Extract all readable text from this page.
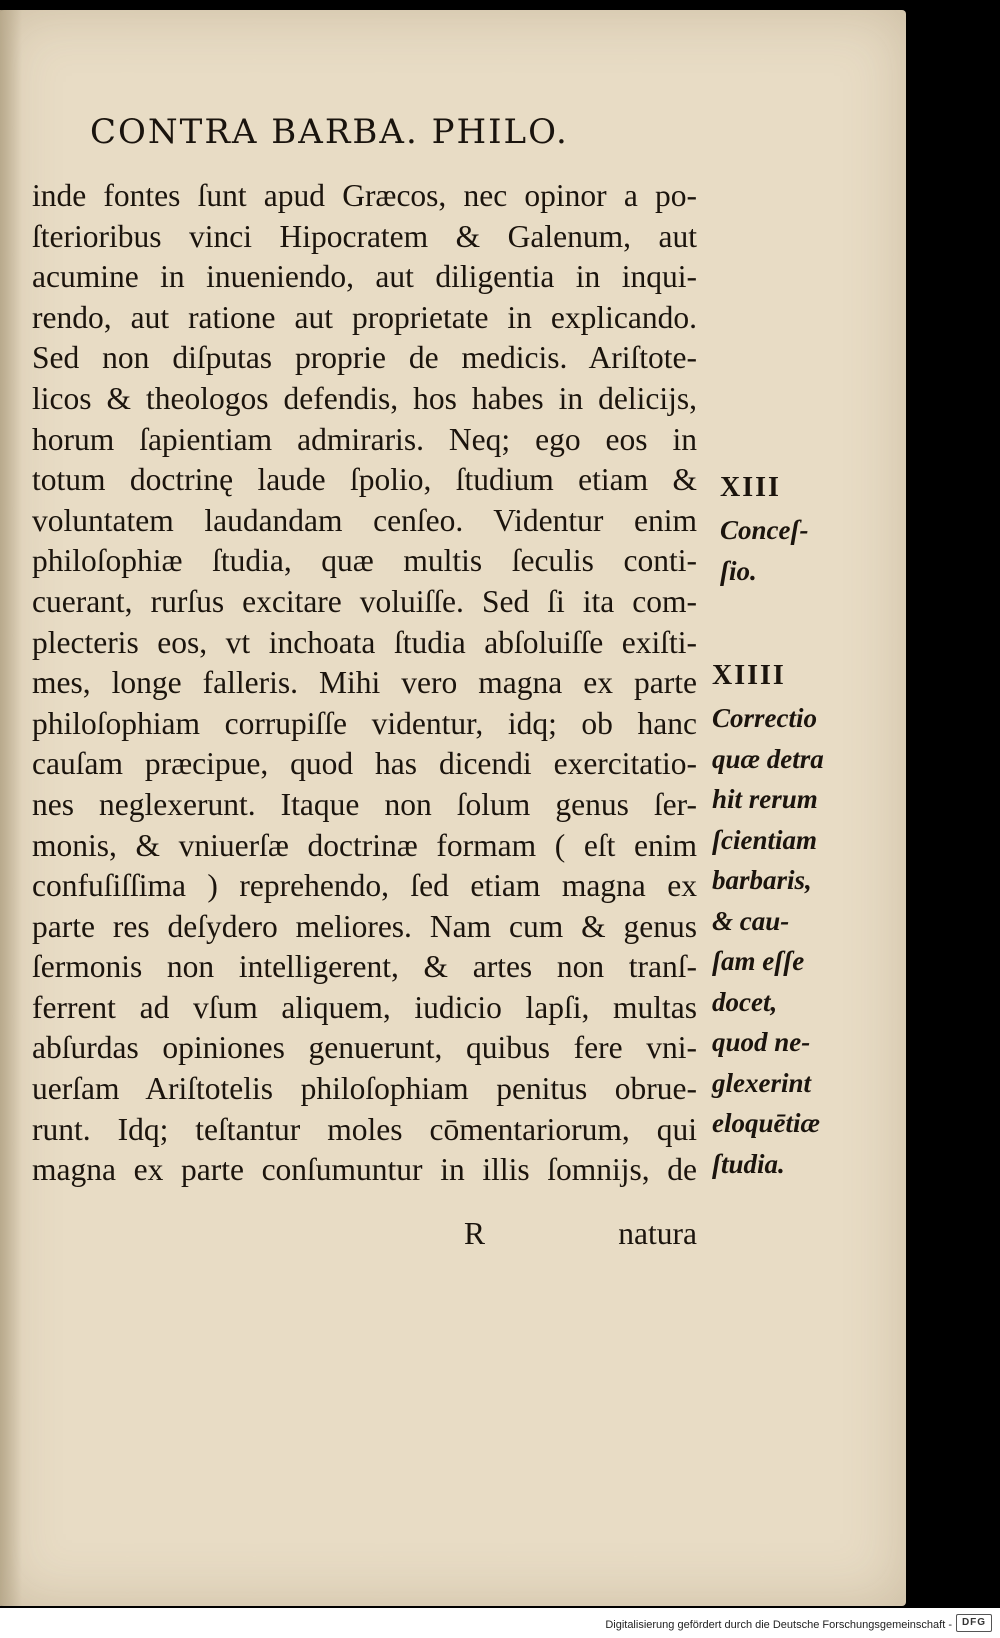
CONTRA BARBA. PHILO.
inde fontes ſunt apud Græcos, nec opinor a po-
ſterioribus vinci Hipocratem & Galenum, aut
acumine in inueniendo, aut diligentia in inqui-
rendo, aut ratione aut proprietate in explicando.
Sed non diſputas proprie de medicis. Ariſtote-
licos & theologos defendis, hos habes in delicijs,
horum ſapientiam admiraris. Neq; ego eos in
totum doctrinę laude ſpolio, ſtudium etiam &
voluntatem laudandam cenſeo. Videntur enim
philoſophiæ ſtudia, quæ multis ſeculis conti-
cuerant, rurſus excitare voluiſſe. Sed ſi ita com-
plecteris eos, vt inchoata ſtudia abſoluiſſe exiſti-
mes, longe falleris. Mihi vero magna ex parte
philoſophiam corrupiſſe videntur, idq; ob hanc
cauſam præcipue, quod has dicendi exercitatio-
nes neglexerunt. Itaque non ſolum genus ſer-
monis, & vniuerſæ doctrinæ formam ( eſt enim
confuſiſſima ) reprehendo, ſed etiam magna ex
parte res deſydero meliores. Nam cum & genus
ſermonis non intelligerent, & artes non tranſ-
ferrent ad vſum aliquem, iudicio lapſi, multas
abſurdas opiniones genuerunt, quibus fere vni-
uerſam Ariſtotelis philoſophiam penitus obrue-
runt. Idq; teſtantur moles cōmentariorum, qui
magna ex parte conſumuntur in illis ſomnijs, de
R	natura
XIII
Conceſ-
ſio.
XIIII
Correctio
quæ detra
hit rerum
ſcientiam
barbaris,
& cau-
ſam eſſe
docet,
quod ne-
glexerint
eloquētiæ
ſtudia.
Digitalisierung gefördert durch die Deutsche Forschungsgemeinschaft - DFG
